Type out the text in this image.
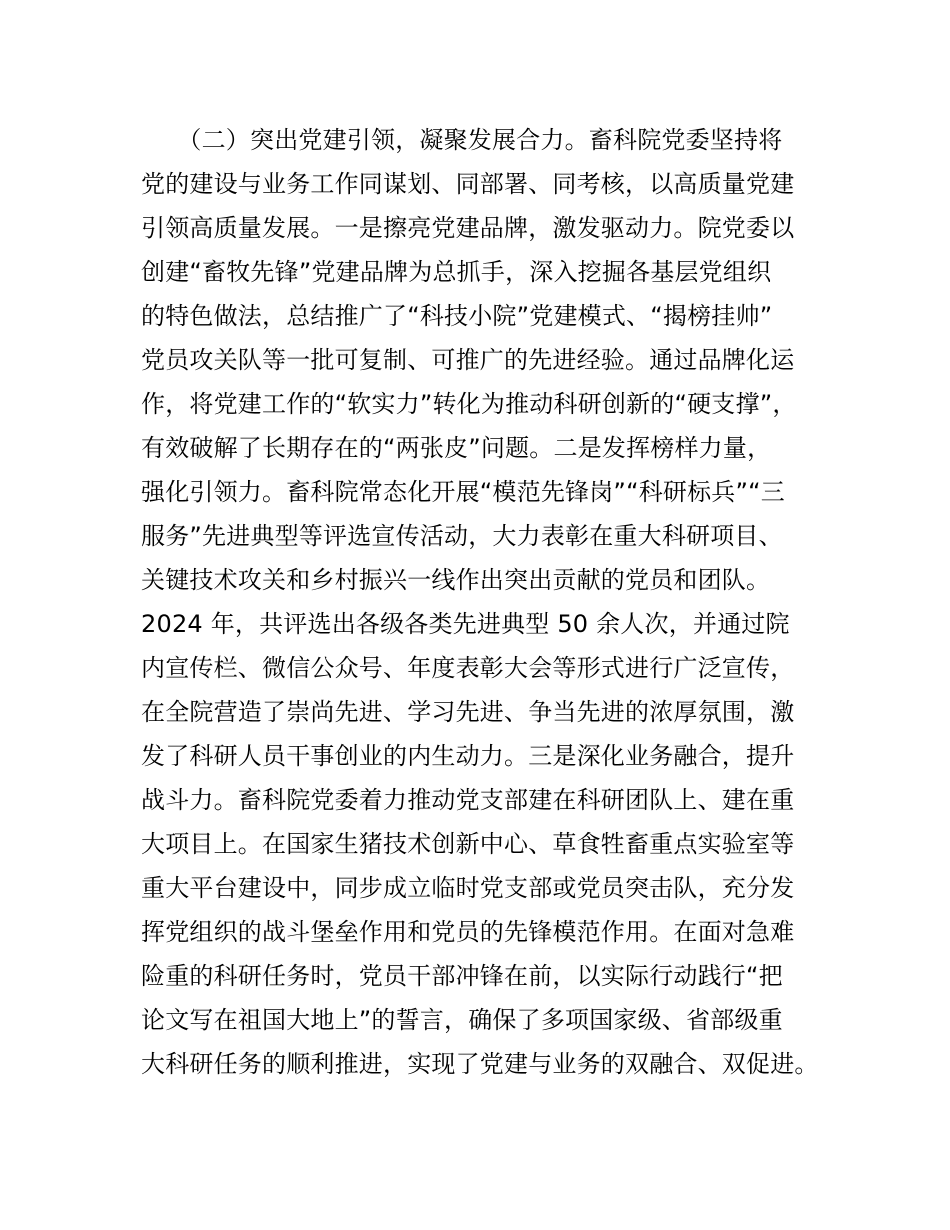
　　（二）突出党建引领，凝聚发展合力。畜科院党委坚持将
党的建设与业务工作同谋划、同部署、同考核，以高质量党建
引领高质量发展。一是擦亮党建品牌，激发驱动力。院党委以
创建“畜牧先锋”党建品牌为总抓手，深入挖掘各基层党组织
的特色做法，总结推广了“科技小院”党建模式、“揭榜挂帅”
党员攻关队等一批可复制、可推广的先进经验。通过品牌化运
作，将党建工作的“软实力”转化为推动科研创新的“硬支撑”，
有效破解了长期存在的“两张皮”问题。二是发挥榜样力量，
强化引领力。畜科院常态化开展“模范先锋岗”“科研标兵”“三
服务”先进典型等评选宣传活动，大力表彰在重大科研项目、
关键技术攻关和乡村振兴一线作出突出贡献的党员和团队。
2024 年，共评选出各级各类先进典型 50 余人次，并通过院
内宣传栏、微信公众号、年度表彰大会等形式进行广泛宣传，
在全院营造了崇尚先进、学习先进、争当先进的浓厚氛围，激
发了科研人员干事创业的内生动力。三是深化业务融合，提升
战斗力。畜科院党委着力推动党支部建在科研团队上、建在重
大项目上。在国家生猪技术创新中心、草食牲畜重点实验室等
重大平台建设中，同步成立临时党支部或党员突击队，充分发
挥党组织的战斗堡垒作用和党员的先锋模范作用。在面对急难
险重的科研任务时，党员干部冲锋在前，以实际行动践行“把
论文写在祖国大地上”的誓言，确保了多项国家级、省部级重
大科研任务的顺利推进，实现了党建与业务的双融合、双促进。
